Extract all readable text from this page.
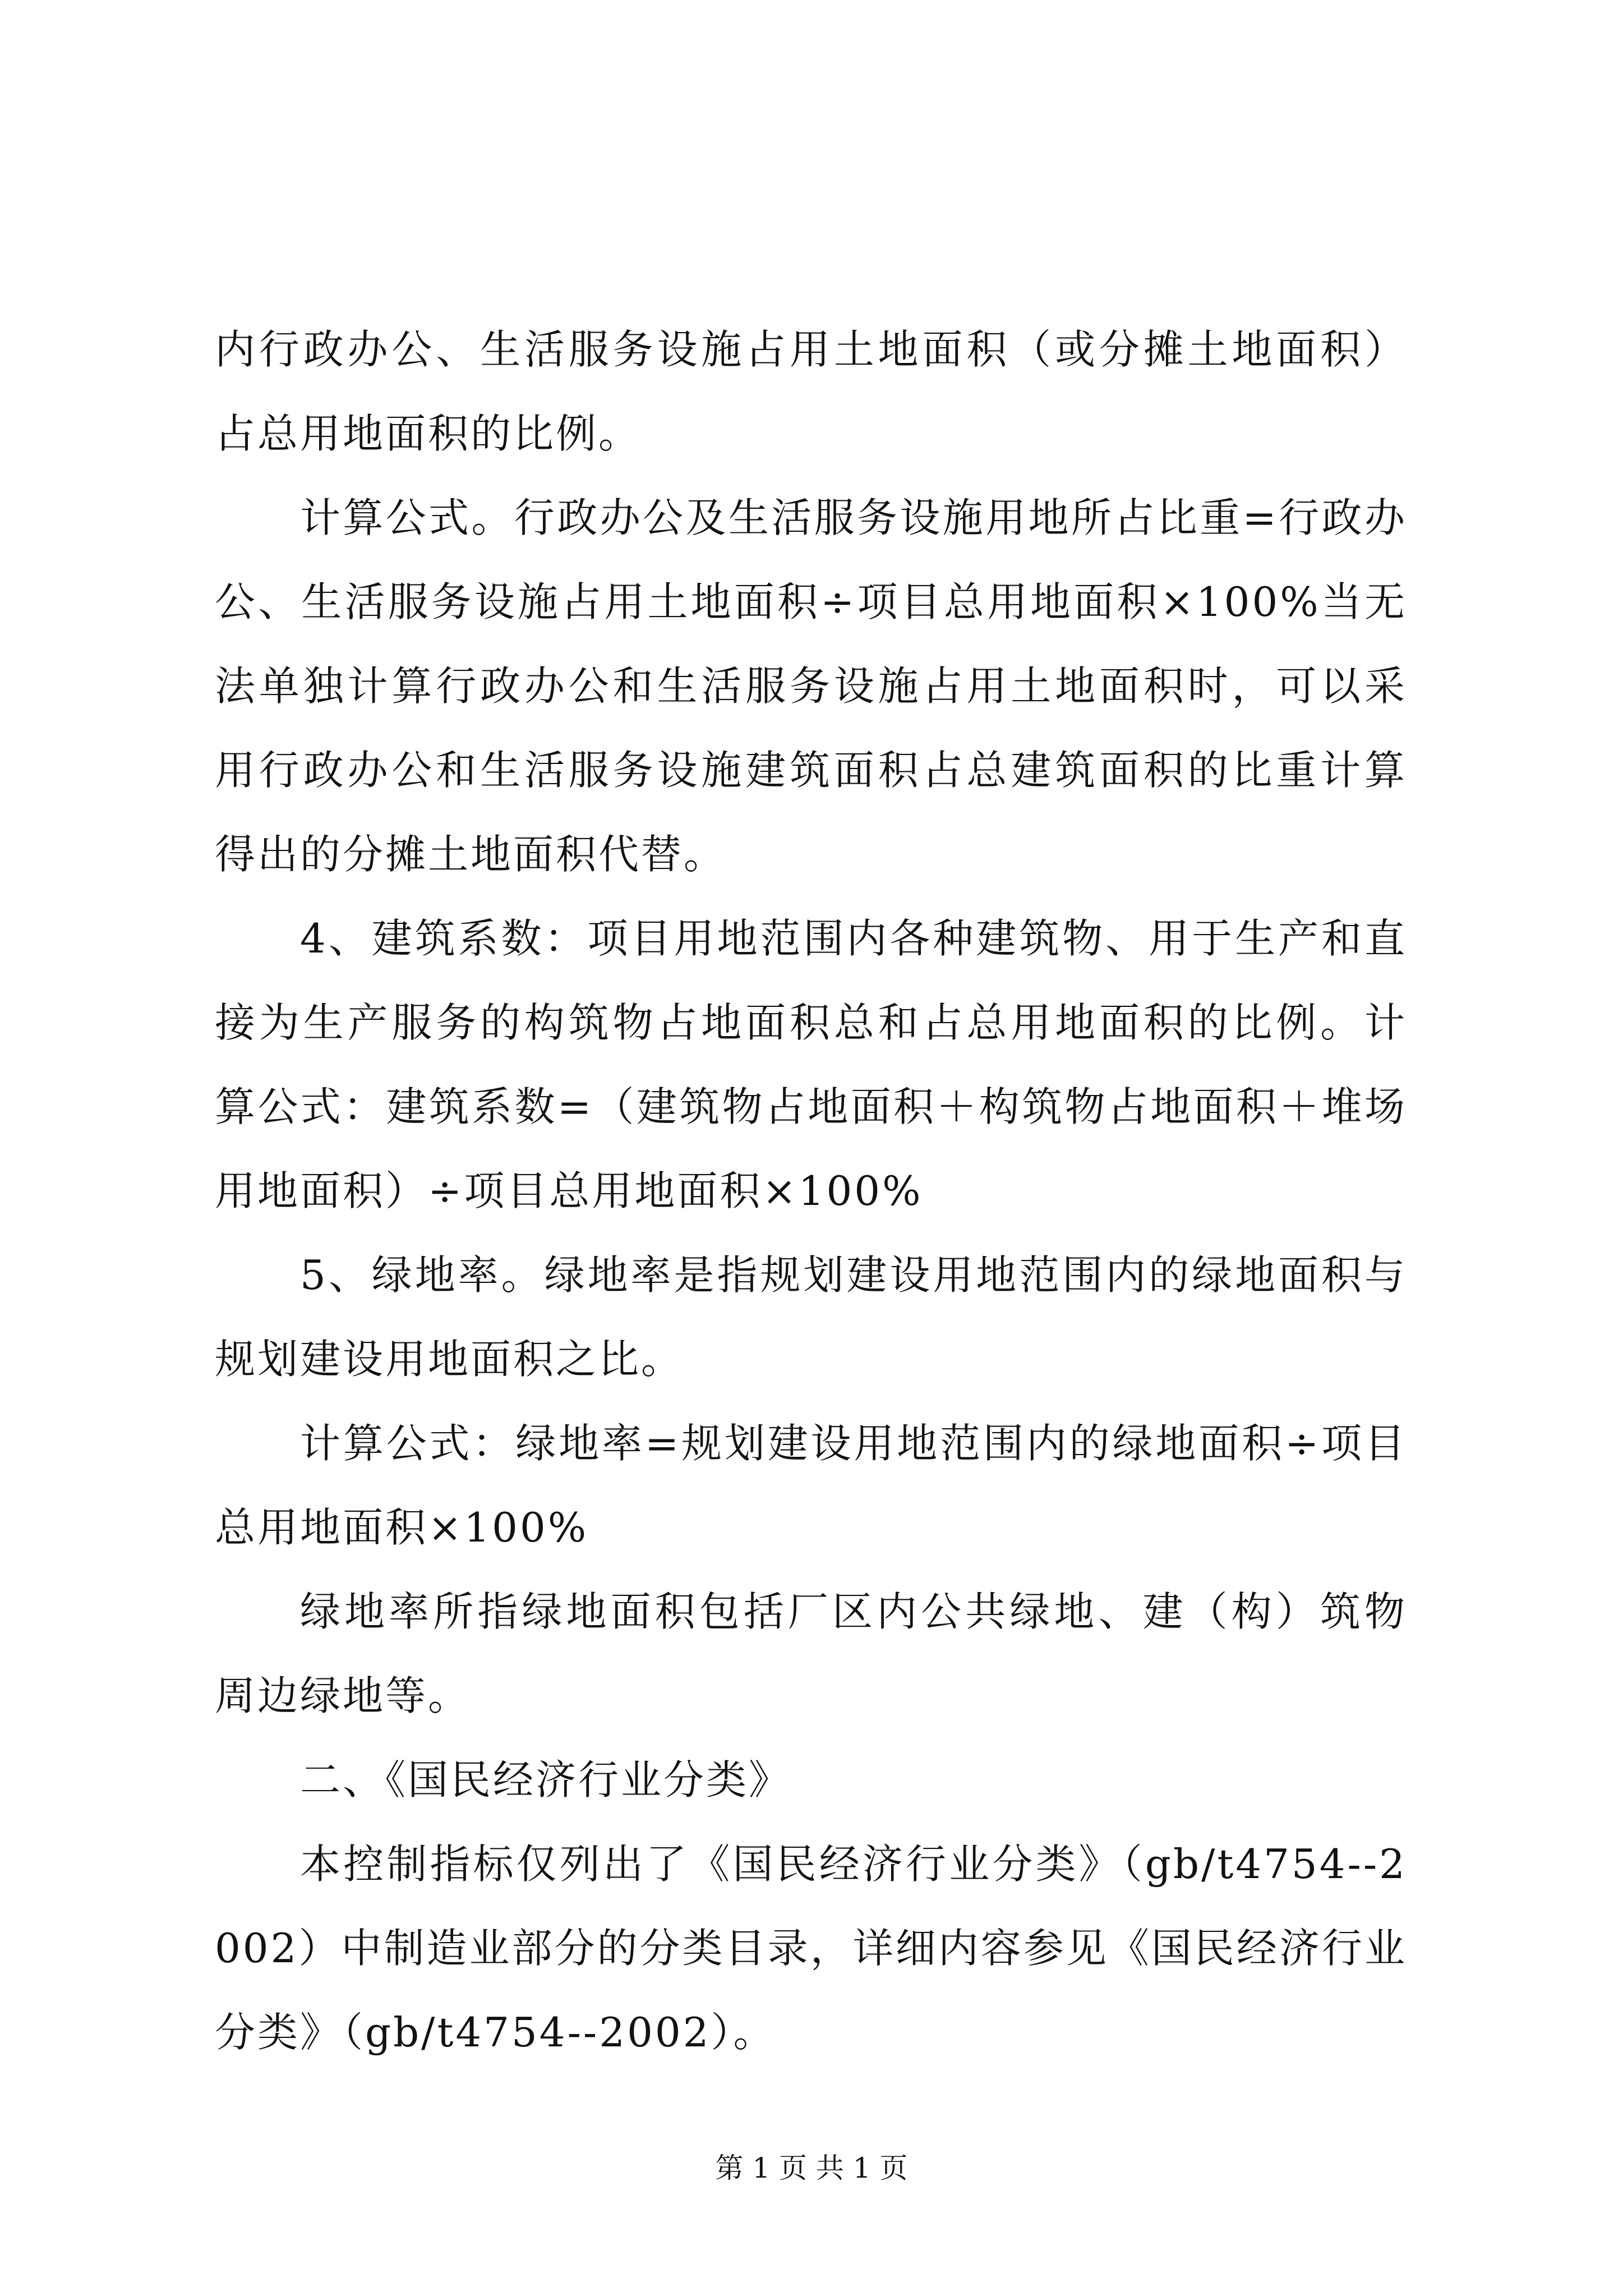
内行政办公、生活服务设施占用土地面积（或分摊土地面积）占总用地面积的比例。

计算公式。行政办公及生活服务设施用地所占比重=行政办公、生活服务设施占用土地面积÷项目总用地面积×100%当无法单独计算行政办公和生活服务设施占用土地面积时，可以采用行政办公和生活服务设施建筑面积占总建筑面积的比重计算得出的分摊土地面积代替。

4、建筑系数：项目用地范围内各种建筑物、用于生产和直接为生产服务的构筑物占地面积总和占总用地面积的比例。计算公式：建筑系数=（建筑物占地面积＋构筑物占地面积＋堆场用地面积）÷项目总用地面积×100%

5、绿地率。绿地率是指规划建设用地范围内的绿地面积与规划建设用地面积之比。

计算公式：绿地率=规划建设用地范围内的绿地面积÷项目总用地面积×100%

绿地率所指绿地面积包括厂区内公共绿地、建（构）筑物周边绿地等。

二、《国民经济行业分类》

本控制指标仅列出了《国民经济行业分类》（gb/t4754--2002）中制造业部分的分类目录，详细内容参见《国民经济行业分类》（gb/t4754--2002）。

第 1 页 共 1 页
